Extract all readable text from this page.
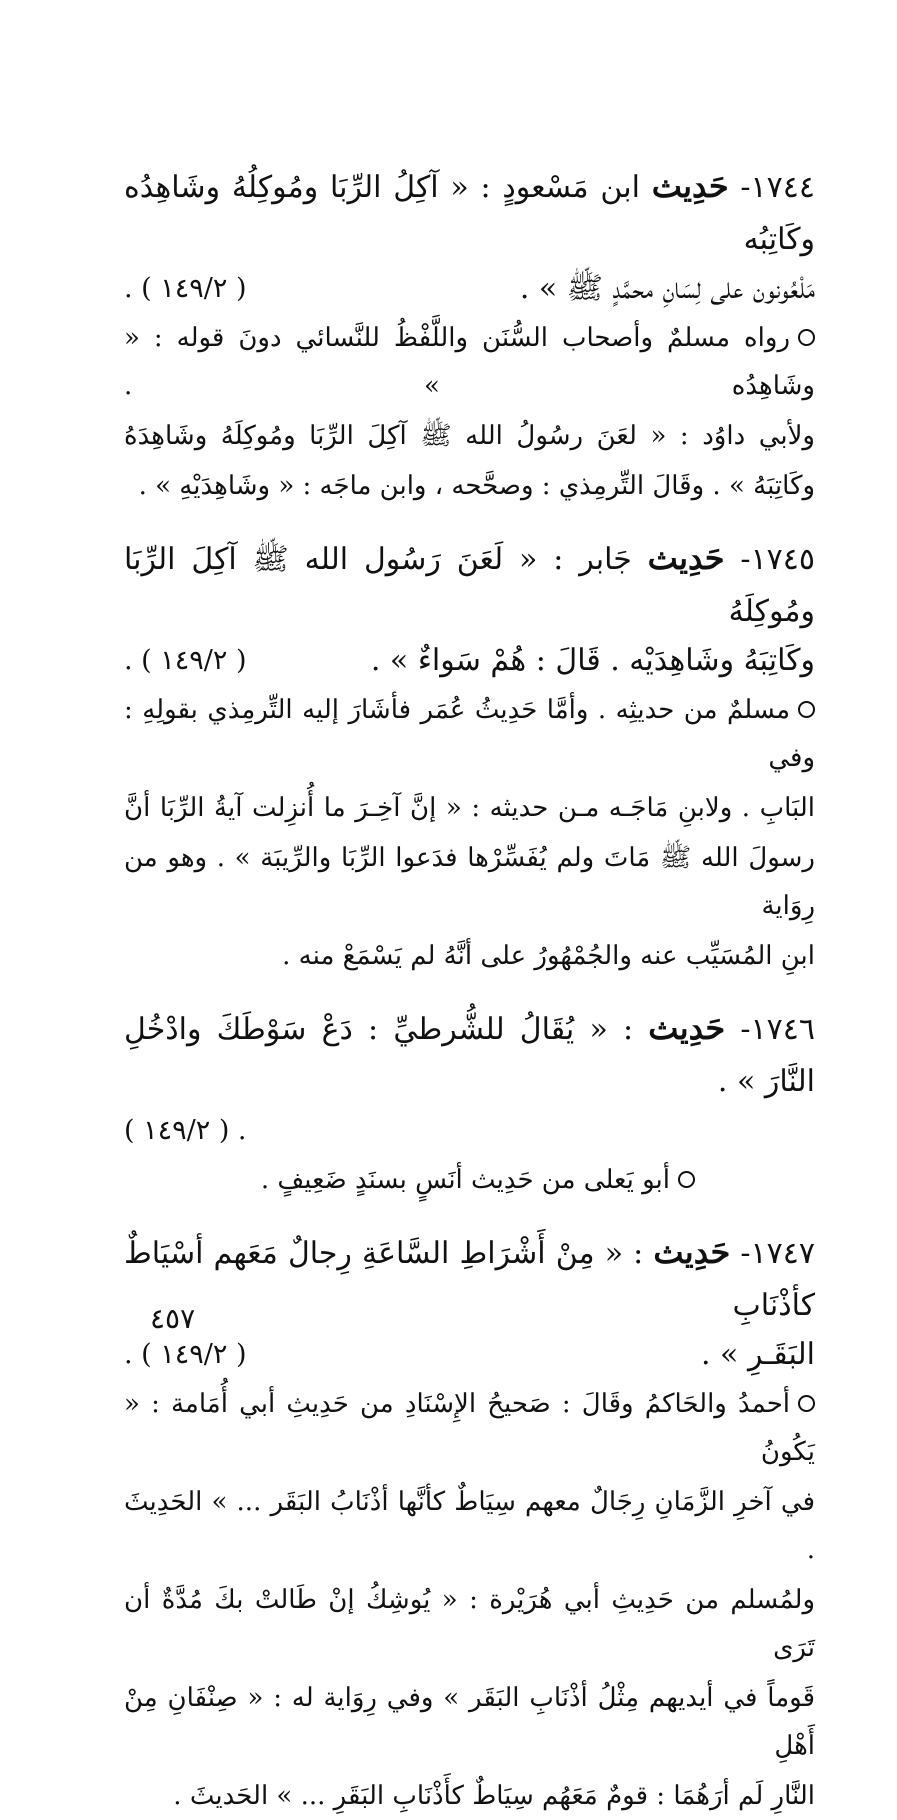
١٧٤٤- حَدِيث ابن مَسْعودٍ : « آكِلُ الرِّبَا ومُوكِلُهُ وشَاهِدُه وكَاتِبُه

مَلْعُونون على لِسَانِ محمَّدٍ ﷺ » .
( ١٤٩/٢ ) .

رواه مسلمٌ وأصحاب السُّنَن واللَّفْظُ للنَّسائي دونَ قوله : « وشَاهِدُه » .

ولأبي داوُد : « لعَنَ رسُولُ الله ﷺ آكِلَ الرِّبَا ومُوكِلَهُ وشَاهِدَهُ

وكَاتِبَهُ » . وقَالَ التِّرمِذي : وصحَّحه ، وابن ماجَه : « وشَاهِدَيْهِ » .

١٧٤٥- حَدِيث جَابر : « لَعَنَ رَسُول الله ﷺ آكِلَ الرِّبَا ومُوكِلَهُ

وكَاتِبَهُ وشَاهِدَيْه . قَالَ : هُمْ سَواءٌ » .
( ١٤٩/٢ ) .

مسلمٌ من حديثِه . وأمَّا حَدِيثُ عُمَر فأشَارَ إليه التِّرمِذي بقولِهِ : وفي

البَابِ . ولابنِ مَاجَـه مـن حديثه : « إنَّ آخِـرَ ما أُنزِلت آيةُ الرِّبَا أنَّ

رسولَ الله ﷺ مَاتَ ولم يُفَسِّرْها فدَعوا الرِّبَا والرِّيبَة » . وهو من رِوَاية

ابنِ المُسَيِّب عنه والجُمْهُورُ على أنَّهُ لم يَسْمَعْ منه .

١٧٤٦- حَدِيث : « يُقَالُ للشُّرطيِّ : دَعْ سَوْطَكَ وادْخُلِ النَّارَ » .

. ( ١٤٩/٢ )

أبو يَعلى من حَدِيث أنَسٍ بسنَدٍ ضَعِيفٍ .

١٧٤٧- حَدِيث : « مِنْ أَشْرَاطِ السَّاعَةِ رِجالٌ مَعَهم أسْيَاطٌ كأذْنَابِ

البَقَـرِ » .
( ١٤٩/٢ ) .

أحمدُ والحَاكمُ وقَالَ : صَحيحُ الإِسْنَادِ من حَدِيثِ أبي أُمَامة : « يَكُونُ

في آخرِ الزَّمَانِ رِجَالٌ معهم سِيَاطٌ كأنَّها أذْنَابُ البَقَر ... » الحَدِيثَ .

ولمُسلم من حَدِيثِ أبي هُرَيْرة : « يُوشِكُ إنْ طَالتْ بكَ مُدَّةٌ أن تَرَى

قَوماً في أيديهم مِثْلُ أذْنَابِ البَقَر » وفي رِوَاية له : « صِنْفَانِ مِنْ أَهْلِ

النَّارِ لَم أرَهُمَا : قومٌ مَعَهُم سِيَاطٌ كأَذْنَابِ البَقَرِ ... » الحَديثَ .

٤٥٧
